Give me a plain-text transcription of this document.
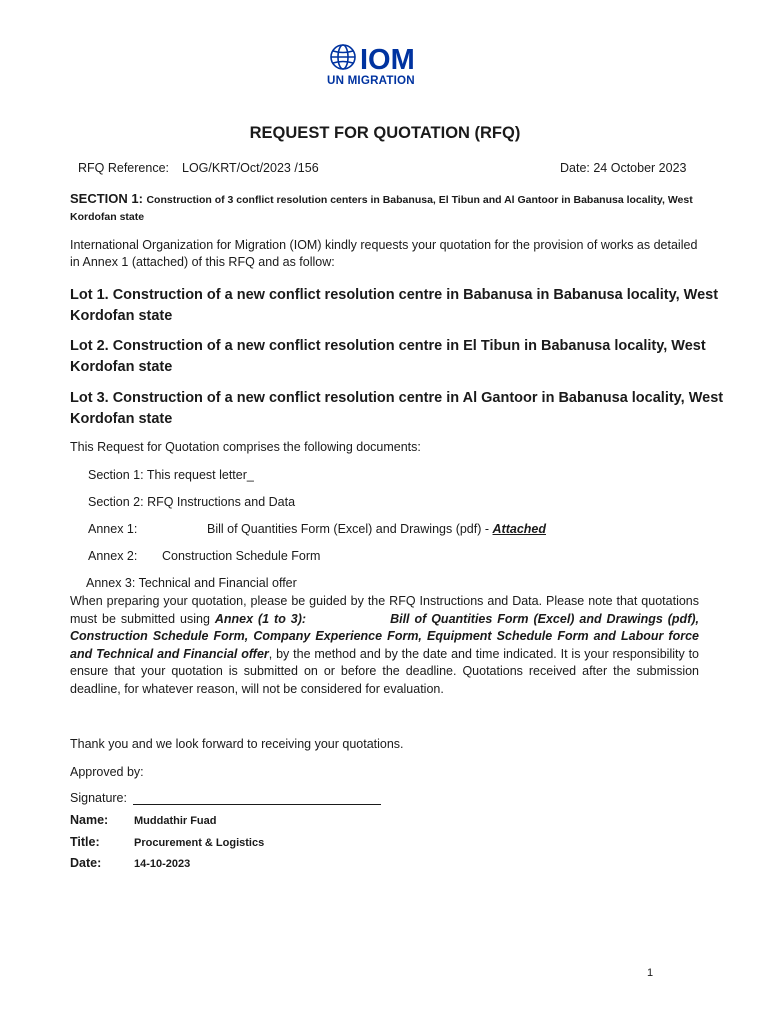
IOM
UN MIGRATION
REQUEST FOR QUOTATION (RFQ)
RFQ Reference: LOG/KRT/Oct/2023 /156	Date: 24 October 2023
SECTION 1: Construction of 3 conflict resolution centers in Babanusa, El Tibun and Al Gantoor in Babanusa locality, West Kordofan state
International Organization for Migration (IOM) kindly requests your quotation for the provision of works as detailed in Annex 1 (attached) of this RFQ and as follow:
Lot 1. Construction of a new conflict resolution centre in Babanusa in Babanusa locality, West Kordofan state
Lot 2. Construction of a new conflict resolution centre in El Tibun in Babanusa locality, West Kordofan state
Lot 3. Construction of a new conflict resolution centre in Al Gantoor in Babanusa locality, West Kordofan state
This Request for Quotation comprises the following documents:
Section 1: This request letter_
Section 2: RFQ Instructions and Data
Annex 1:	Bill of Quantities Form (Excel) and Drawings (pdf) - Attached
Annex 2: Construction Schedule Form
Annex 3: Technical and Financial offer
When preparing your quotation, please be guided by the RFQ Instructions and Data. Please note that quotations must be submitted using Annex (1 to 3):	Bill of Quantities Form (Excel) and Drawings (pdf), Construction Schedule Form, Company Experience Form, Equipment Schedule Form and Labour force and Technical and Financial offer, by the method and by the date and time indicated. It is your responsibility to ensure that your quotation is submitted on or before the deadline. Quotations received after the submission deadline, for whatever reason, will not be considered for evaluation.
Thank you and we look forward to receiving your quotations.
Approved by:
Signature:
Name: Muddathir Fuad
Title:	Procurement & Logistics
Date:	14-10-2023
1
